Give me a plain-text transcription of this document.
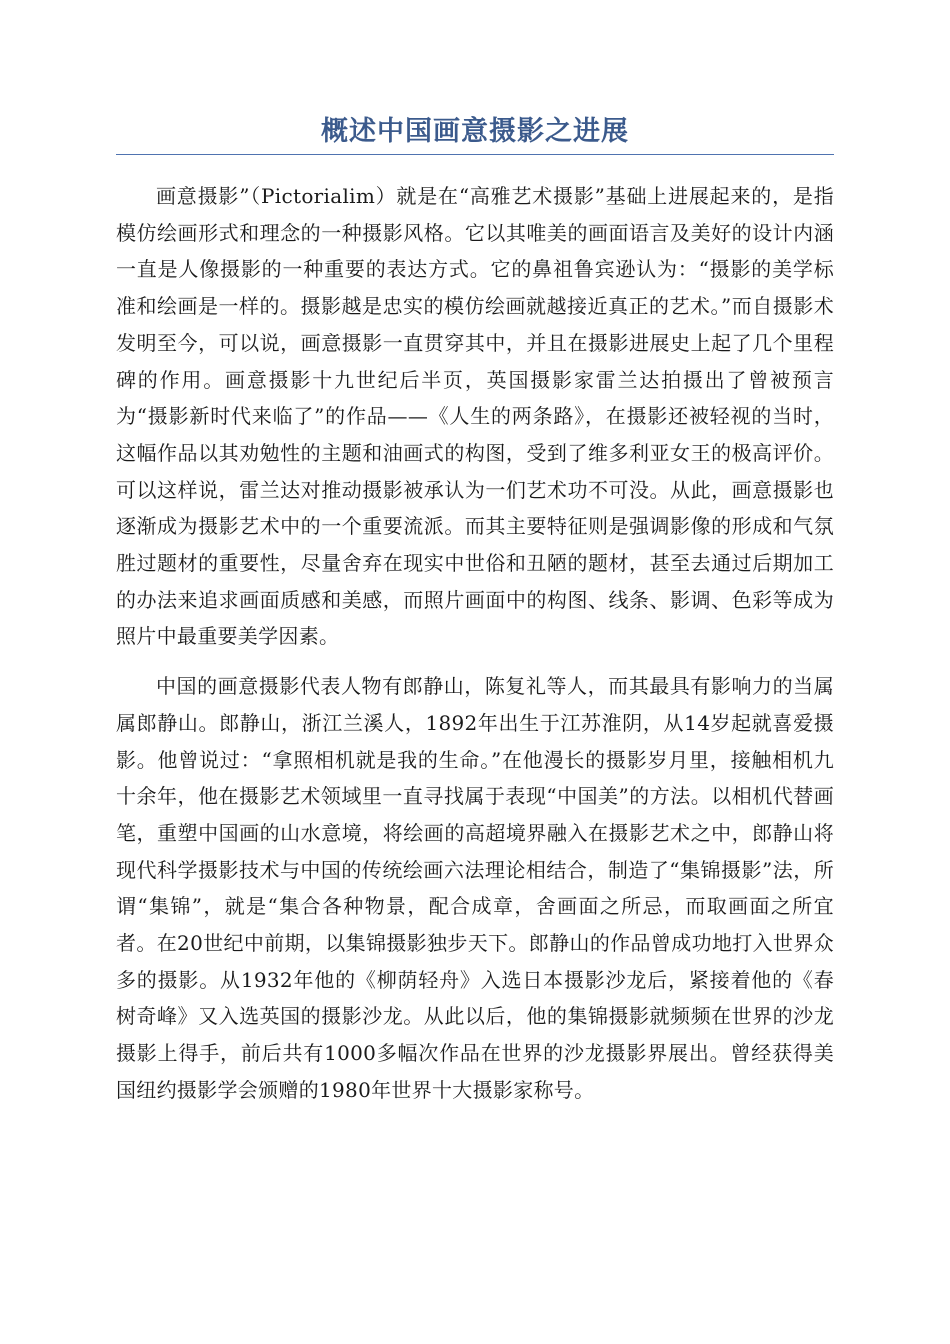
概述中国画意摄影之进展

画意摄影”（Pictorialim）就是在“高雅艺术摄影”基础上进展起来的，是指模仿绘画形式和理念的一种摄影风格。它以其唯美的画面语言及美好的设计内涵一直是人像摄影的一种重要的表达方式。它的鼻祖鲁宾逊认为：“摄影的美学标准和绘画是一样的。摄影越是忠实的模仿绘画就越接近真正的艺术。”而自摄影术发明至今，可以说，画意摄影一直贯穿其中，并且在摄影进展史上起了几个里程碑的作用。画意摄影十九世纪后半页，英国摄影家雷兰达拍摄出了曾被预言为“摄影新时代来临了”的作品——《人生的两条路》，在摄影还被轻视的当时，这幅作品以其劝勉性的主题和油画式的构图，受到了维多利亚女王的极高评价。可以这样说，雷兰达对推动摄影被承认为一们艺术功不可没。从此，画意摄影也逐渐成为摄影艺术中的一个重要流派。而其主要特征则是强调影像的形成和气氛胜过题材的重要性，尽量舍弃在现实中世俗和丑陋的题材，甚至去通过后期加工的办法来追求画面质感和美感，而照片画面中的构图、线条、影调、色彩等成为照片中最重要美学因素。

中国的画意摄影代表人物有郎静山，陈复礼等人，而其最具有影响力的当属属郎静山。郎静山，浙江兰溪人，1892年出生于江苏淮阴，从14岁起就喜爱摄影。他曾说过：“拿照相机就是我的生命。”在他漫长的摄影岁月里，接触相机九十余年，他在摄影艺术领域里一直寻找属于表现“中国美”的方法。以相机代替画笔，重塑中国画的山水意境，将绘画的高超境界融入在摄影艺术之中，郎静山将现代科学摄影技术与中国的传统绘画六法理论相结合，制造了“集锦摄影”法，所谓“集锦”，就是“集合各种物景，配合成章，舍画面之所忌，而取画面之所宜者。在20世纪中前期，以集锦摄影独步天下。郎静山的作品曾成功地打入世界众多的摄影。从1932年他的《柳荫轻舟》入选日本摄影沙龙后，紧接着他的《春树奇峰》又入选英国的摄影沙龙。从此以后，他的集锦摄影就频频在世界的沙龙摄影上得手，前后共有1000多幅次作品在世界的沙龙摄影界展出。曾经获得美国纽约摄影学会颁赠的1980年世界十大摄影家称号。
